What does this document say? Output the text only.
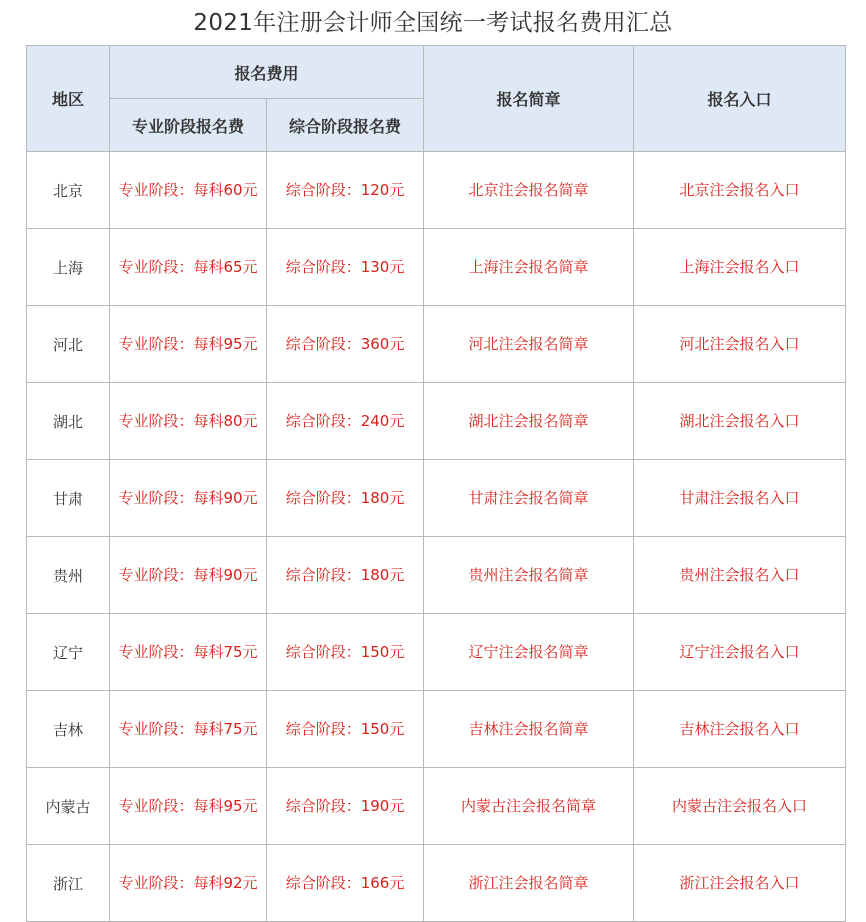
2021年注册会计师全国统一考试报名费用汇总
地区	报名费用		报名简章	报名入口
	专业阶段报名费	综合阶段报名费		
北京	专业阶段：每科60元	综合阶段：120元	北京注会报名简章	北京注会报名入口
上海	专业阶段：每科65元	综合阶段：130元	上海注会报名简章	上海注会报名入口
河北	专业阶段：每科95元	综合阶段：360元	河北注会报名简章	河北注会报名入口
湖北	专业阶段：每科80元	综合阶段：240元	湖北注会报名简章	湖北注会报名入口
甘肃	专业阶段：每科90元	综合阶段：180元	甘肃注会报名简章	甘肃注会报名入口
贵州	专业阶段：每科90元	综合阶段：180元	贵州注会报名简章	贵州注会报名入口
辽宁	专业阶段：每科75元	综合阶段：150元	辽宁注会报名简章	辽宁注会报名入口
吉林	专业阶段：每科75元	综合阶段：150元	吉林注会报名简章	吉林注会报名入口
内蒙古	专业阶段：每科95元	综合阶段：190元	内蒙古注会报名简章	内蒙古注会报名入口
浙江	专业阶段：每科92元	综合阶段：166元	浙江注会报名简章	浙江注会报名入口
